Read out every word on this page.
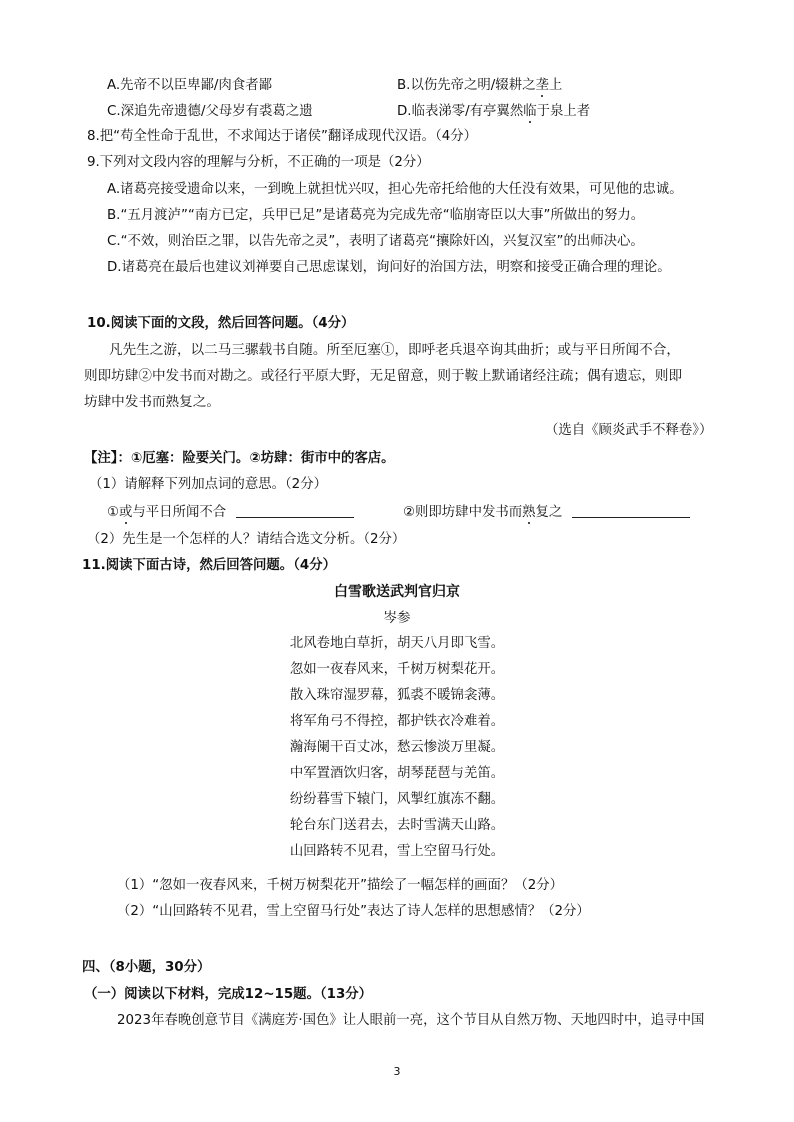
A.先帝不以臣卑鄙/肉食者鄙	B.以伤先帝之明/辍耕之垄上
C.深追先帝遗德/父母岁有裘葛之遗	D.临表涕零/有亭翼然临于泉上者
8.把“苟全性命于乱世，不求闻达于诸侯”翻译成现代汉语。（4分）
9.下列对文段内容的理解与分析，不正确的一项是（2分）
A.诸葛亮接受遗命以来，一到晚上就担忧兴叹，担心先帝托给他的大任没有效果，可见他的忠诚。
B.“五月渡泸”“南方已定，兵甲已足”是诸葛亮为完成先帝“临崩寄臣以大事”所做出的努力。
C.“不效，则治臣之罪，以告先帝之灵”，表明了诸葛亮“攘除奸凶，兴复汉室”的出师决心。
D.诸葛亮在最后也建议刘禅要自己思虑谋划，询问好的治国方法，明察和接受正确合理的理论。
10.阅读下面的文段，然后回答问题。（4分）
凡先生之游，以二马三骡载书自随。所至厄塞①，即呼老兵退卒询其曲折；或与平日所闻不合，
则即坊肆②中发书而对勘之。或径行平原大野，无足留意，则于鞍上默诵诸经注疏；偶有遗忘，则即
坊肆中发书而熟复之。
（选自《顾炎武手不释卷》）
【注】：①厄塞：险要关门。②坊肆：街市中的客店。
（1）请解释下列加点词的意思。（2分）
①或与平日所闻不合	②则即坊肆中发书而熟复之
（2）先生是一个怎样的人？请结合选文分析。（2分）
11.阅读下面古诗，然后回答问题。（4分）
白雪歌送武判官归京
岑参
北风卷地白草折，胡天八月即飞雪。
忽如一夜春风来，千树万树梨花开。
散入珠帘湿罗幕，狐裘不暖锦衾薄。
将军角弓不得控，都护铁衣冷难着。
瀚海阑干百丈冰，愁云惨淡万里凝。
中军置酒饮归客，胡琴琵琶与羌笛。
纷纷暮雪下辕门，风掣红旗冻不翻。
轮台东门送君去，去时雪满天山路。
山回路转不见君，雪上空留马行处。
（1）“忽如一夜春风来，千树万树梨花开”描绘了一幅怎样的画面？（2分）
（2）“山回路转不见君，雪上空留马行处”表达了诗人怎样的思想感情？（2分）
四、（8小题，30分）
（一）阅读以下材料，完成12~15题。（13分）
2023年春晚创意节目《满庭芳·国色》让人眼前一亮，这个节目从自然万物、天地四时中，追寻中国
3
